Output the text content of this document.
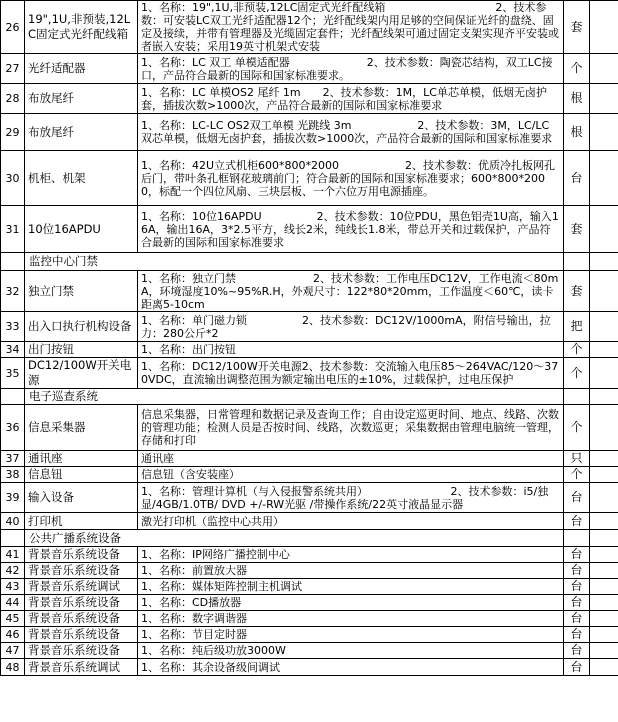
26	19",1U,非预装,12LC固定式光纤配线箱	1、名称：19",1U,非预装,12LC固定式光纤配线箱　　　　　　　　　　2、技术参数：可安装LC双工光纤适配器12个；光纤配线架内用足够的空间保证光纤的盘绕、固定及接续，并带有管理器及光缆固定套件；光纤配线架可通过固定支架实现齐平安装或者嵌入安装；采用19英寸机架式安装	套	
27	光纤适配器	1、名称：LC 双工 单模适配器　　　　　　　2、技术参数：陶瓷芯结构，双工LC接口，产品符合最新的国际和国家标准要求。	个	
28	布放尾纤	1、名称：LC 单模OS2 尾纤 1m　　2、技术参数：1M，LC单芯单模，低烟无卤护套，插拔次数>1000次，产品符合最新的国际和国家标准要求	根	
29	布放尾纤	1、名称：LC-LC OS2双工单模 光跳线 3m　　　　　　2、技术参数：3M，LC/LC双芯单模，低烟无卤护套，插拔次数>1000次，产品符合最新的国际和国家标准要求	根	
30	机柜、机架	1、名称：42U立式机柜600*800*2000　　　　　　2、技术参数：优质冷扎板网孔后门，带叶条孔框钢花玻璃前门；符合最新的国际和国家标准要求；600*800*2000，标配一个四位风扇、三块层板、一个六位万用电源插座。	台	
31	10位16APDU	1、名称：10位16APDU　　　　　2、技术参数：10位PDU，黑色铝壳1U高，输入16A，输出16A，3*2.5平方，线长2米，纯线长1.8米，带总开关和过载保护，产品符合最新的国际和国家标准要求	套	
	监控中心门禁			
32	独立门禁	1、名称：独立门禁　　　　　　　2、技术参数：工作电压DC12V，工作电流＜80mA，环境湿度10%~95%R.H，外观尺寸：122*80*20mm，工作温度＜60℃，读卡距离5-10cm	套	
33	出入口执行机构设备	1、名称：单门磁力锁　　　　　2、技术参数：DC12V/1000mA，附信号输出，拉力：280公斤*2	把	
34	出门按钮	1、名称：出门按钮	个	
35	DC12/100W开关电源	1、名称：DC12/100W开关电源2、技术参数：交流输入电压85～264VAC/120～370VDC，直流输出调整范围为额定输出电压的±10%，过载保护，过电压保护	个	
	电子巡查系统			
36	信息采集器	信息采集器，日常管理和数据记录及查询工作；自由设定巡更时间、地点、线路、次数的管理功能；检测人员是否按时间、线路，次数巡更；采集数据由管理电脑统一管理，存储和打印	个	
37	通讯座	通讯座	只	
38	信息钮	信息钮（含安装座）	个	
39	输入设备	1、名称：管理计算机（与入侵报警系统共用）　　　　　　　　2、技术参数：i5/独显/4GB/1.0TB/ DVD +/-RW光驱 /带操作系统/22英寸液晶显示器	台	
40	打印机	激光打印机（监控中心共用）	台	
	公共广播系统设备			
41	背景音乐系统设备	1、名称：IP网络广播控制中心	台	
42	背景音乐系统设备	1、名称：前置放大器	台	
43	背景音乐系统调试	1、名称：媒体矩阵控制主机调试	台	
44	背景音乐系统设备	1、名称：CD播放器	台	
45	背景音乐系统设备	1、名称：数字调谐器	台	
46	背景音乐系统设备	1、名称：节目定时器	台	
47	背景音乐系统设备	1、名称：纯后级功放3000W	台	
48	背景音乐系统调试	1、名称：其余设备级间调试	台	
